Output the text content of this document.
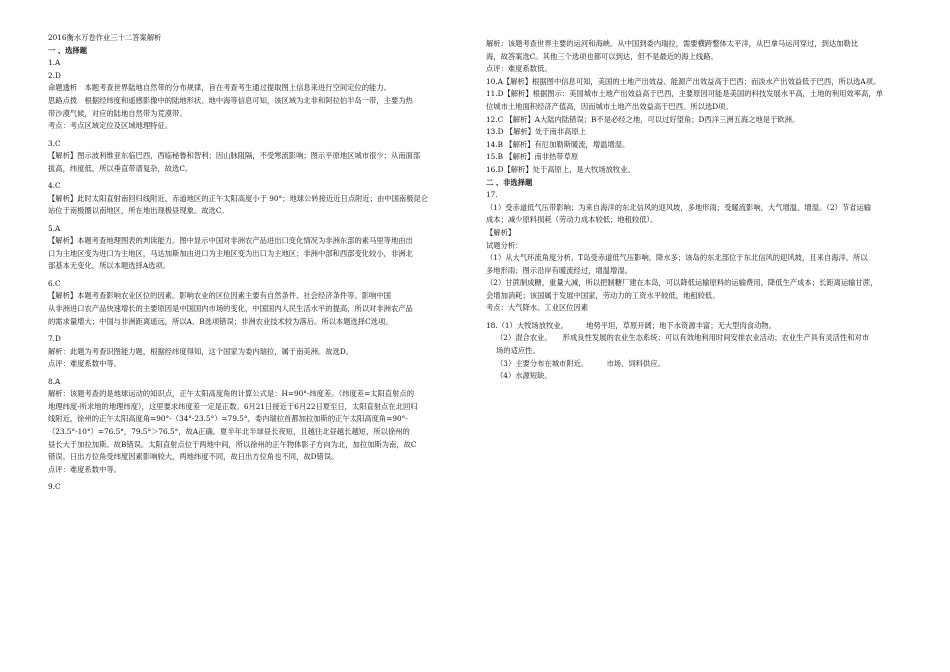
2016衡水万卷作业三十二答案解析
一 、选择题
1.A
2.D
命题透析　本题考查世界陆地自然带的分布规律，旨在考查考生通过提取图上信息来进行空间定位的能力。
思路点拨　根据经纬度和遥感影像中的陆地形状、地中海等信息可知，该区域为北非和阿拉伯半岛一带，主要为热
带沙漠气候，对应的陆地自然带为荒漠带。
考点：考点区域定位及区域地理特征。
3.C
【解析】图示波利维亚东临巴西，西临秘鲁和智利；因山脉阻隔，不受寒流影响；图示平原地区城市很少；从南面部
拔高，纬度低，所以垂直带谱复杂，故选C。
4.C
【解析】此时太阳直射南回归线附近，赤道地区的正午太阳高度小于 90°；地球公转接近近日点附近；由中国南极昆仑
站位于南极圈以南地区，所在地出现极昼现象。故选C。
5.A
【解析】本题考查地理图表的判读能力。图中显示中国对非洲农产品进出口变化情况为非洲东部的素马里等地由出
口为主地区变为进口为主地区，马达加斯加由进口为主地区变为出口为主地区；非洲中部和西部变化较小，非洲北
部基本无变化，所以本题选择A选项。
6.C
【解析】本题考查影响农业区位的因素。影响农业的区位因素主要有自然条件、社会经济条件等。影响中国
从非洲进口农产品快速增长的主要原因是中国国内市场的变化，中国国内人民生活水平的提高，所以对非洲农产品
的需求量增大；中国与非洲距离遥远，所以A、B选项错误；非洲农业技术较为落后。所以本题选择C选项。
7.D
解析：此题为考查识图能力题，根据经纬度得知，这个国家为委内瑞拉，属于南美洲。故选D。
点评：难度系数中等。
8.A
解析：该题考查的是地球运动的知识点，正午太阳高度角的计算公式是：H=90°-纬度差。（纬度差=太阳直射点的
地理纬度-所求地的地理纬度），这里要求纬度差一定是正数。6月21日接近于6月22日夏至日，太阳直射点在北回归
线附近，徐州的正午太阳高度角=90°-（34°-23.5°）=79.5°，委内瑞拉首都加拉加斯的正午太阳高度角=90°-
（23.5°-10°）=76.5°，79.5°＞76.5°，故A正确。夏半年北半球昼长夜短，且越往北昼越长越短，所以徐州的
昼长大于加拉加斯。故B错误。太阳直射点位于两地中间，所以徐州的正午物体影子方向为北，加拉加斯为南，故C
错误。日出方位角受纬度因素影响较大，两地纬度不同，故日出方位角也不同，故D错误。
点评：难度系数中等。
9.C
解析：该题考查世界主要的运河和海峡。从中国到委内瑞拉，需要横跨整体太平洋，从巴拿马运河穿过，到达加勒比
海，故答案选C。其他三个选项也都可以到达，但不是最近的海上线路。
点评：难度系数低。
10.A【解析】根据图中信息可知，美国的土地产出效益、能源产出效益高于巴西；而淡水产出效益低于巴西，所以选A项。
11.D【解析】根据图示：美国城市土地产出效益高于巴西，主要原因可能是美国的科技发展水平高，土地的利用效率高，单
位城市土地面积经济产值高，因而城市土地产出效益高于巴西。所以选D项。
12.C 【解析】A大陆内陆错误；B不是必经之地，可以过好望角；D西洋三洲五海之地是于欧洲。
13.D 【解析】处于南非高原上
14.B 【解析】有厄加勒斯暖流，增温增湿。
15.B 【解析】南非热带草原
16.D【解析】处于高原上，是大牧场放牧业。
二 、非选择题
17.
（1）受赤道低气压带影响；为来自海洋的东北信风的迎风坡，多地形雨；受暖流影响，大气增温、增湿。（2）节省运输
成本；减少原料损耗（劳动力成本较低；地租较低）。
【解析】
试题分析：
（1）从大气环流角度分析，T岛受赤道低气压影响，降水多；该岛的东北部位于东北信风的迎风坡，且来自海洋，所以
多地形雨；图示沿岸有暖流经过，增温增湿。
（2）甘蔗制成糖，重量大减，所以把制糖厂建在本岛，可以降低运输原料的运输费用，降低生产成本；长距离运输甘蔗，
会增加消耗；该国属于发展中国家，劳动力的工资水平较低，地租较低。
考点：大气降水、工业区位因素
18.（1）大牧场放牧业。　　　地势平坦，草原开阔；地下水资源丰富；无大型肉食动物。
（2）混合农业。　　形成良性发展的农业生态系统；可以有效地利用时间安排农业活动；农业生产具有灵活性和对市
场的适应性。
（3）主要分布在城市附近。　　　市场、饲料供应。
（4）水源短缺。
